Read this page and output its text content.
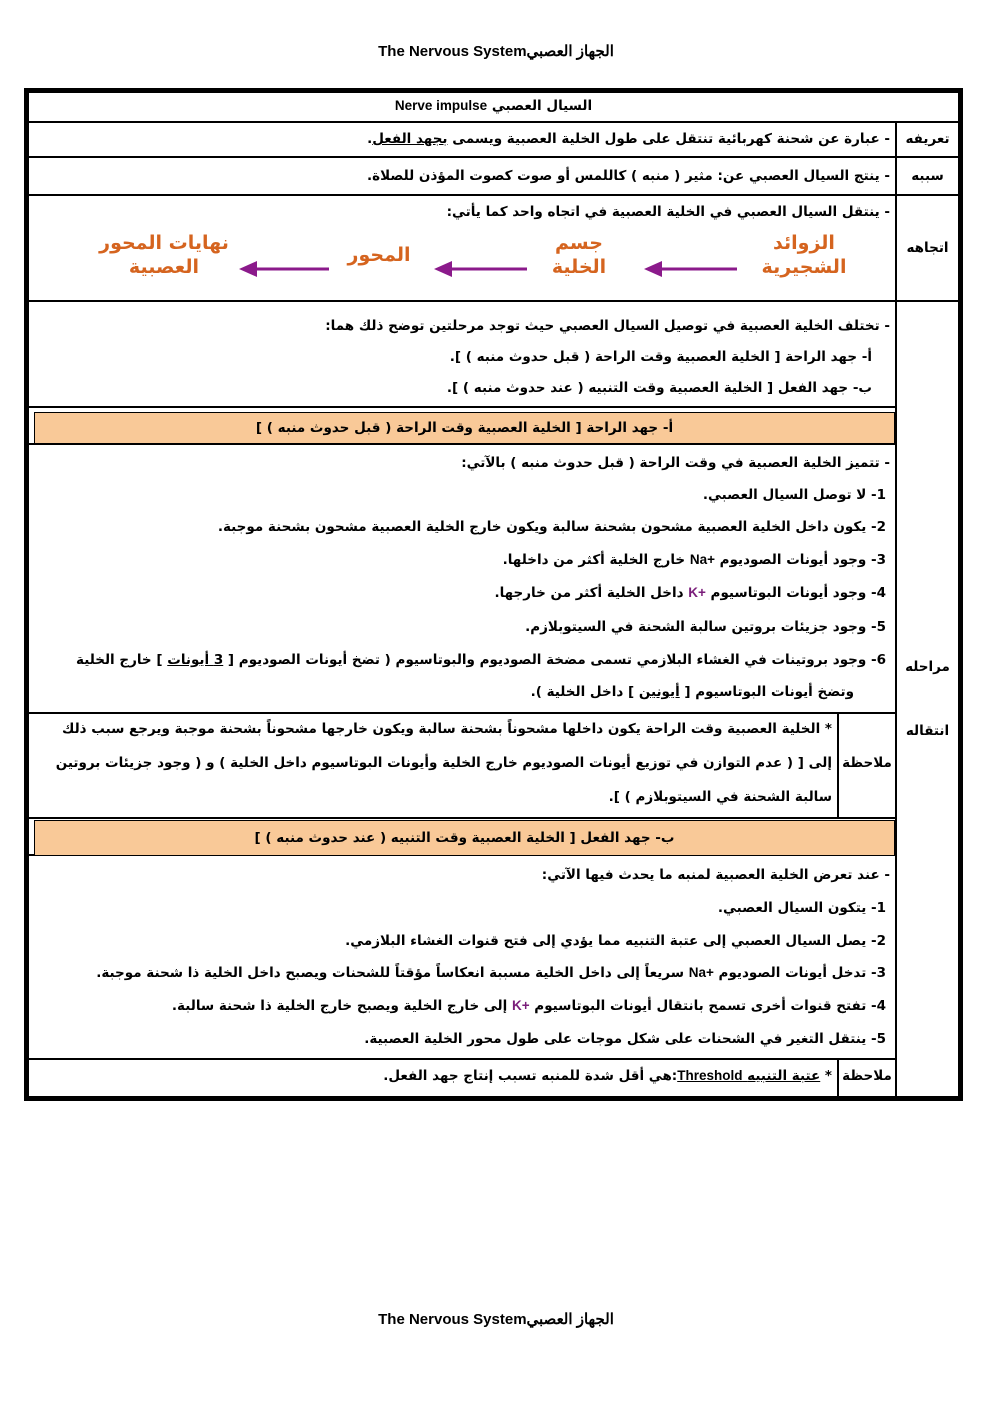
The Nervous Systemالجهاز العصبي
السيال العصبي Nerve impulse
تعريفه
- عبارة عن شحنة كهربائية تنتقل على طول الخلية العصبية ويسمى بجهد الفعل.
سببه
- ينتج السيال العصبي عن: مثير ( منبه ) كاللمس أو صوت كصوت المؤذن للصلاة.
اتجاهه
- ينتقل السيال العصبي في الخلية العصبية في اتجاه واحد كما يأتي:
الزوائد
الشجيرية
جسم
الخلية
المحور
نهايات المحور
العصبية
مراحله
انتقاله
- تختلف الخلية العصبية في توصيل السيال العصبي حيث توجد مرحلتين توضح ذلك هما:
أ- جهد الراحة [ الخلية العصبية وقت الراحة ( قبل حدوث منبه ) ].
ب- جهد الفعل [ الخلية العصبية وقت التنبيه ( عند حدوث منبه ) ].
أ- جهد الراحة [ الخلية العصبية وقت الراحة ( قبل حدوث منبه ) ]
- تتميز الخلية العصبية في وقت الراحة ( قبل حدوث منبه ) بالآتي:
1- لا توصل السيال العصبي.
2- يكون داخل الخلية العصبية مشحون بشحنة سالبة ويكون خارج الخلية العصبية مشحون بشحنة موجبة.
3- وجود أيونات الصوديوم Na+ خارج الخلية أكثر من داخلها.
4- وجود أيونات البوتاسيوم K+ داخل الخلية أكثر من خارجها.
5- وجود جزيئات بروتين سالبة الشحنة في السيتوبلازم.
6- وجود بروتينات في الغشاء البلازمي تسمى مضخة الصوديوم والبوتاسيوم ( تضخ أيونات الصوديوم [ 3 أيونات ] خارج الخلية
وتضخ أيونات البوتاسيوم [ أيونين ] داخل الخلية ).
ملاحظة
* الخلية العصبية وقت الراحة يكون داخلها مشحوناً بشحنة سالبة ويكون خارجها مشحوناً بشحنة موجبة ويرجع سبب ذلك
إلى [ ( عدم التوازن في توزيع أيونات الصوديوم خارج الخلية وأيونات البوتاسيوم داخل الخلية ) و ( وجود جزيئات بروتين
سالبة الشحنة في السيتوبلازم ) ].
ب- جهد الفعل [ الخلية العصبية وقت التنبيه ( عند حدوث منبه ) ]
- عند تعرض الخلية العصبية لمنبه ما يحدث فيها الآتي:
1- يتكون السيال العصبي.
2- يصل السيال العصبي إلى عتبة التنبيه مما يؤدي إلى فتح قنوات الغشاء البلازمي.
3- تدخل أيونات الصوديوم Na+ سريعاً إلى داخل الخلية مسببة انعكاساً مؤقتاً للشحنات ويصبح داخل الخلية ذا شحنة موجبة.
4- تفتح قنوات أخرى تسمح بانتقال أيونات البوتاسيوم K+ إلى خارج الخلية ويصبح خارج الخلية ذا شحنة سالبة.
5- ينتقل التغير في الشحنات على شكل موجات على طول محور الخلية العصبية.
ملاحظة
* عتبة التنبيه Threshold:هي أقل شدة للمنبه تسبب إنتاج جهد الفعل.
The Nervous Systemالجهاز العصبي
